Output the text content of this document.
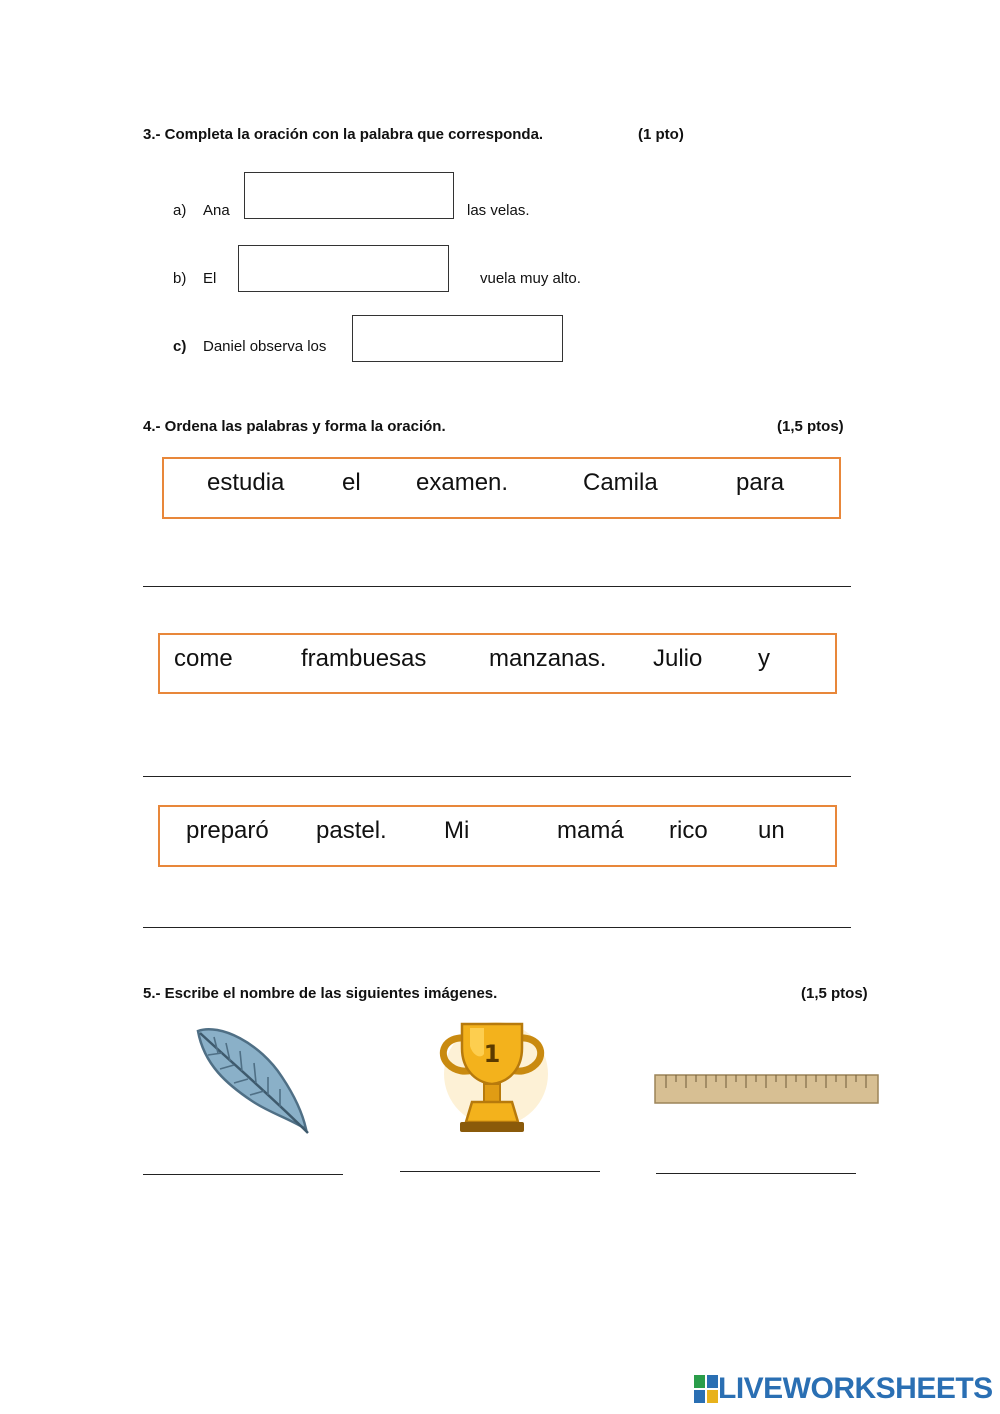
3.- Completa la oración con la palabra que corresponda.	(1 pto)
a) Ana	las velas.
b) El	vuela muy alto.
c) Daniel observa los
4.- Ordena las palabras y forma la oración.	(1,5 ptos)
estudia el examen.	Camila	para
come	frambuesas	manzanas. Julio y
preparó pastel. Mi	mamá rico un
5.- Escribe el nombre de las siguientes imágenes.	(1,5 ptos)
1
LIVEWORKSHEETS
